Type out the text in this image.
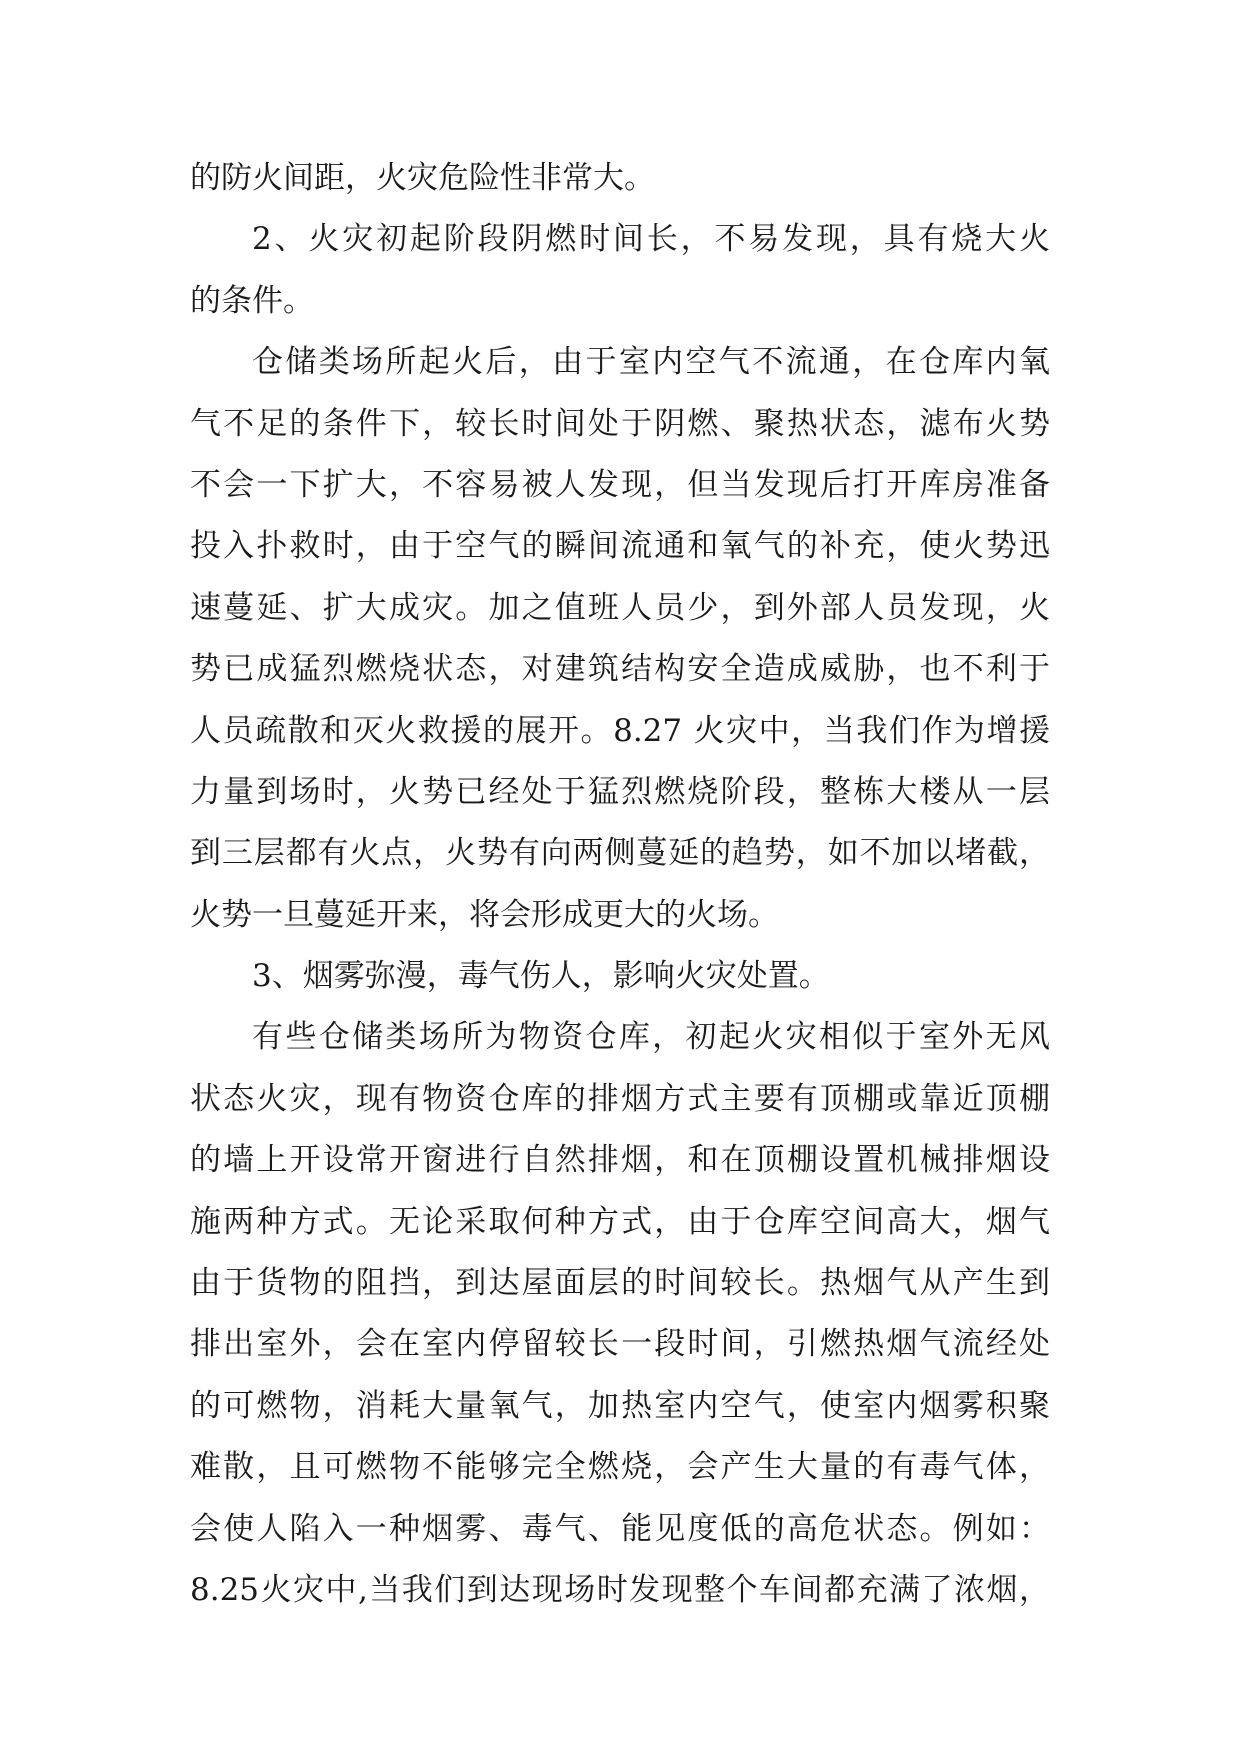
的防火间距，火灾危险性非常大。
2、火灾初起阶段阴燃时间长，不易发现，具有烧大火
的条件。
仓储类场所起火后，由于室内空气不流通，在仓库内氧
气不足的条件下，较长时间处于阴燃、聚热状态，滤布火势
不会一下扩大，不容易被人发现，但当发现后打开库房准备
投入扑救时，由于空气的瞬间流通和氧气的补充，使火势迅
速蔓延、扩大成灾。加之值班人员少，到外部人员发现，火
势已成猛烈燃烧状态，对建筑结构安全造成威胁，也不利于
人员疏散和灭火救援的展开。8.27 火灾中，当我们作为增援
力量到场时，火势已经处于猛烈燃烧阶段，整栋大楼从一层
到三层都有火点，火势有向两侧蔓延的趋势，如不加以堵截，
火势一旦蔓延开来，将会形成更大的火场。
3、烟雾弥漫，毒气伤人，影响火灾处置。
有些仓储类场所为物资仓库，初起火灾相似于室外无风
状态火灾，现有物资仓库的排烟方式主要有顶棚或靠近顶棚
的墙上开设常开窗进行自然排烟，和在顶棚设置机械排烟设
施两种方式。无论采取何种方式，由于仓库空间高大，烟气
由于货物的阻挡，到达屋面层的时间较长。热烟气从产生到
排出室外，会在室内停留较长一段时间，引燃热烟气流经处
的可燃物，消耗大量氧气，加热室内空气，使室内烟雾积聚
难散，且可燃物不能够完全燃烧，会产生大量的有毒气体，
会使人陷入一种烟雾、毒气、能见度低的高危状态。例如：
8.25火灾中,当我们到达现场时发现整个车间都充满了浓烟，
